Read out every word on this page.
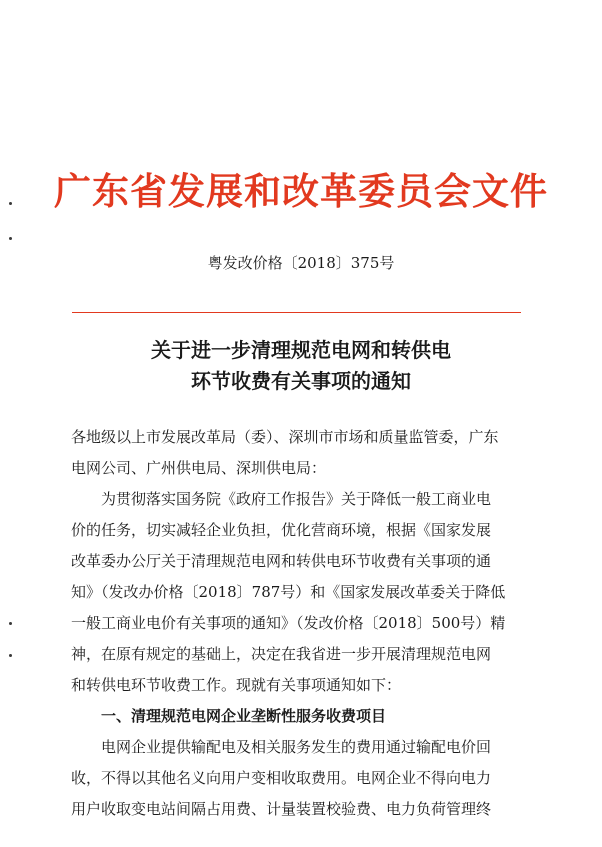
广东省发展和改革委员会文件
粤发改价格〔2018〕375号
关于进一步清理规范电网和转供电
环节收费有关事项的通知
各地级以上市发展改革局（委）、深圳市市场和质量监管委，广东
电网公司、广州供电局、深圳供电局：
　　为贯彻落实国务院《政府工作报告》关于降低一般工商业电
价的任务，切实减轻企业负担，优化营商环境，根据《国家发展
改革委办公厅关于清理规范电网和转供电环节收费有关事项的通
知》（发改办价格〔2018〕787号）和《国家发展改革委关于降低
一般工商业电价有关事项的通知》（发改价格〔2018〕500号）精
神，在原有规定的基础上，决定在我省进一步开展清理规范电网
和转供电环节收费工作。现就有关事项通知如下：
　　一、清理规范电网企业垄断性服务收费项目
　　电网企业提供输配电及相关服务发生的费用通过输配电价回
收，不得以其他名义向用户变相收取费用。电网企业不得向电力
用户收取变电站间隔占用费、计量装置校验费、电力负荷管理终
